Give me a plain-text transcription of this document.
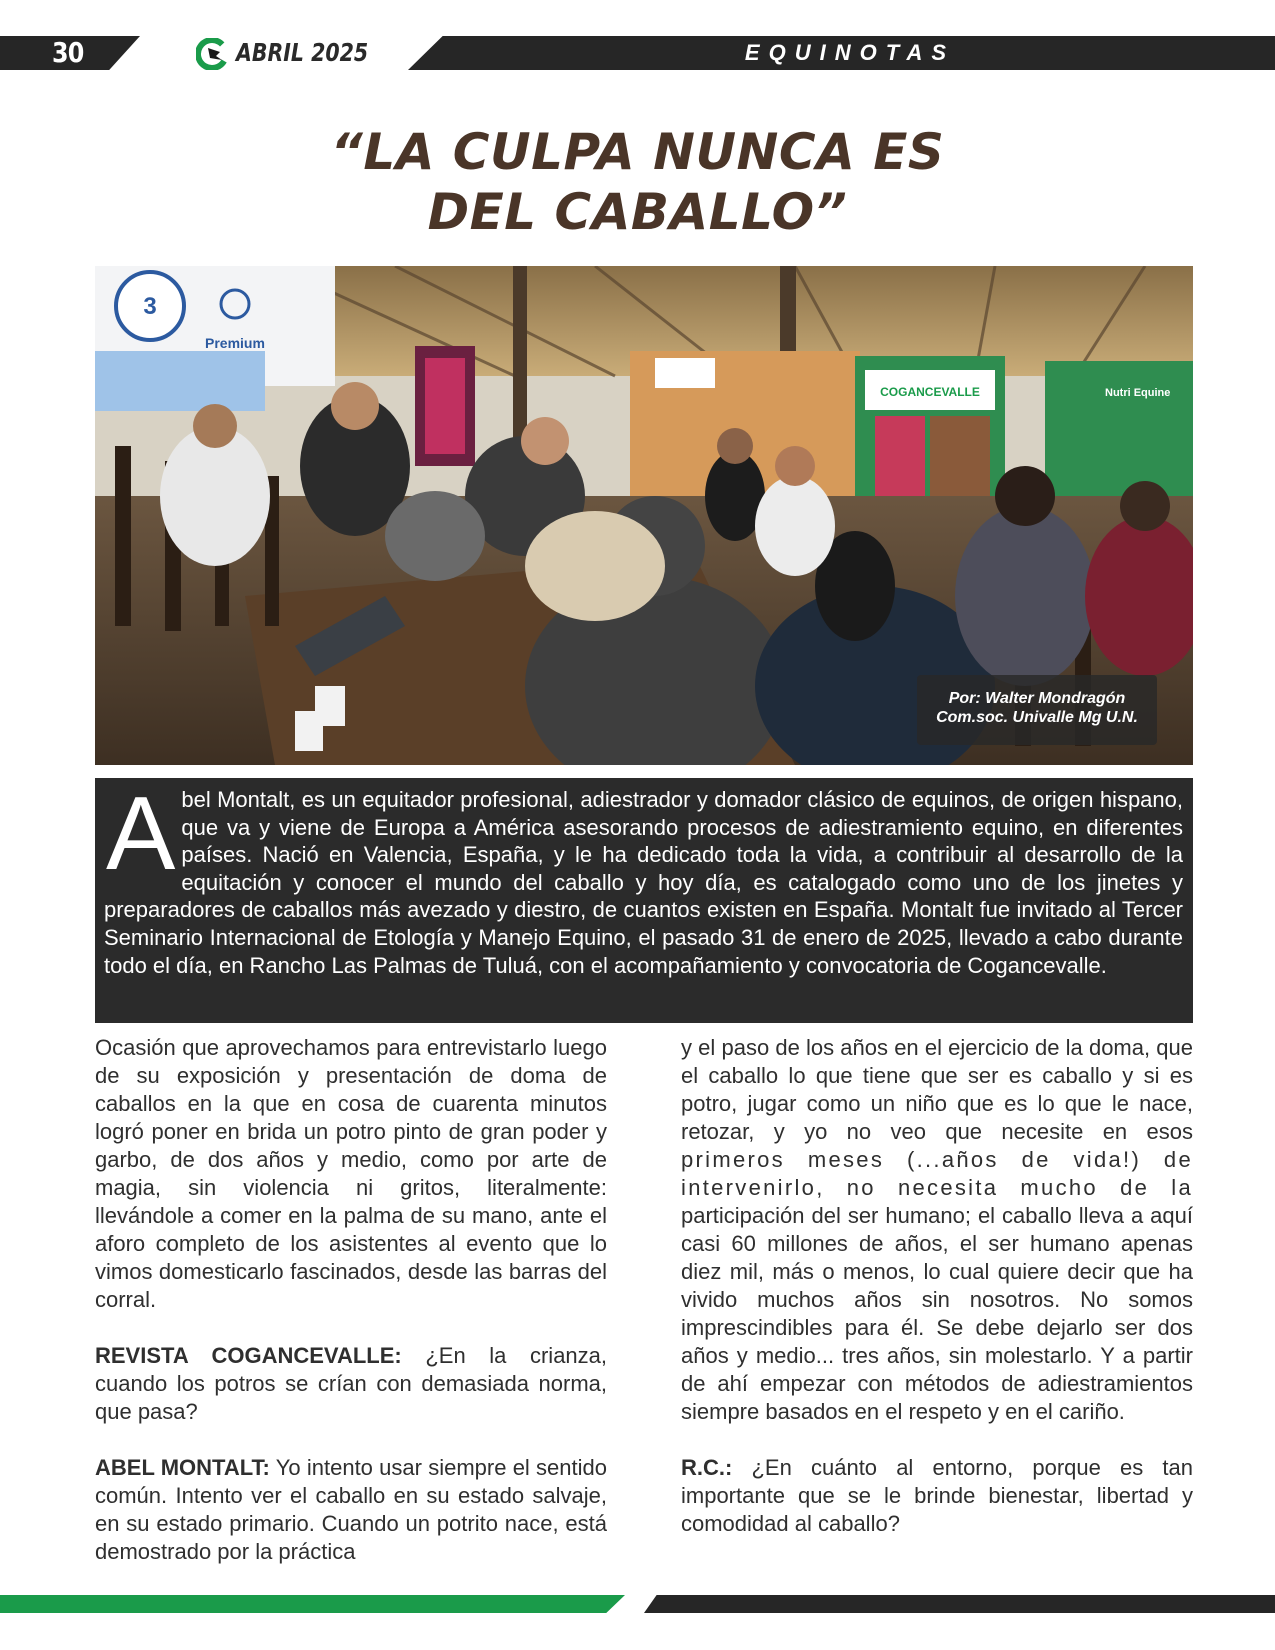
30	ABRIL 2025	EQUINOTAS
“LA CULPA NUNCA ES
DEL CABALLO”
3
Premium
COGANCEVALLE	Nutri Equine
Por: Walter Mondragón
Com.soc. Univalle Mg U.N.
Abel Montalt, es un equitador profesional, adiestrador y domador clásico de equinos, de origen hispano, que va y viene de Europa a América asesorando procesos de adiestramiento equino, en diferentes países. Nació en Valencia, España, y le ha dedicado toda la vida, a contribuir al desarrollo de la equitación y conocer el mundo del caballo y hoy día, es catalogado como uno de los jinetes y preparadores de caballos más avezado y diestro, de cuantos existen en España. Montalt fue invitado al Tercer Seminario Internacional de Etología y Manejo Equino, el pasado 31 de enero de 2025, llevado a cabo durante todo el día, en Rancho Las Palmas de Tuluá, con el acompañamiento y convocatoria de Cogancevalle.

Ocasión que aprovechamos para entrevistarlo luego de su exposición y presentación de doma de caballos en la que en cosa de cuarenta minutos logró poner en brida un potro pinto de gran poder y garbo, de dos años y medio, como por arte de magia, sin violencia ni gritos, literalmente: llevándole a comer en la palma de su mano, ante el aforo completo de los asistentes al evento que lo vimos domesticarlo fascinados, desde las barras del corral.

REVISTA COGANCEVALLE: ¿En la crianza, cuando los potros se crían con demasiada norma, que pasa?

ABEL MONTALT: Yo intento usar siempre el sentido común. Intento ver el caballo en su estado salvaje, en su estado primario. Cuando un potrito nace, está demostrado por la práctica

y el paso de los años en el ejercicio de la doma, que el caballo lo que tiene que ser es caballo y si es potro, jugar como un niño que es lo que le nace, retozar, y yo no veo que necesite en esos primeros meses (...años de vida!) de intervenirlo, no necesita mucho de la participación del ser humano; el caballo lleva a aquí casi 60 millones de años, el ser humano apenas diez mil, más o menos, lo cual quiere decir que ha vivido muchos años sin nosotros. No somos imprescindibles para él. Se debe dejarlo ser dos años y medio... tres años, sin molestarlo. Y a partir de ahí empezar con métodos de adiestramientos siempre basados en el respeto y en el cariño.

R.C.: ¿En cuánto al entorno, porque es tan importante que se le brinde bienestar, libertad y comodidad al caballo?
